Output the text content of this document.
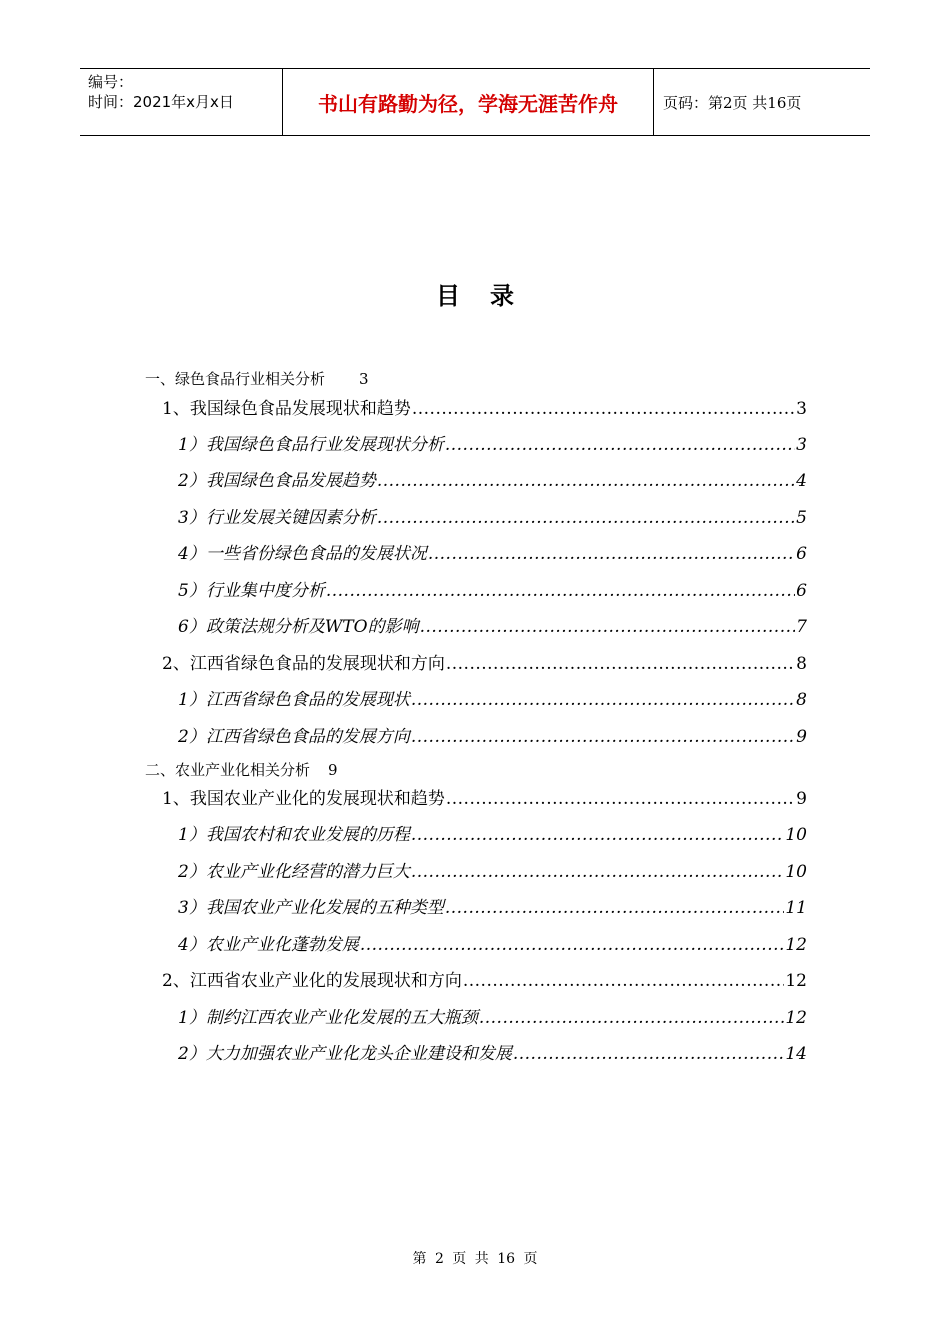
编号：
时间：2021年x月x日	书山有路勤为径，学海无涯苦作舟	页码：第2页 共16页
目录
一、绿色食品行业相关分析 3
1、我国绿色食品发展现状和趋势 .....	3
1）我国绿色食品行业发展现状分析 .....	3
2）我国绿色食品发展趋势 .....	4
3）行业发展关键因素分析 .....	5
4）一些省份绿色食品的发展状况 .....	6
5）行业集中度分析 .....	6
6）政策法规分析及WTO的影响 .....	7
2、江西省绿色食品的发展现状和方向 .....	8
1）江西省绿色食品的发展现状 .....	8
2）江西省绿色食品的发展方向 .....	9
二、农业产业化相关分析 9
1、我国农业产业化的发展现状和趋势 .....	9
1）我国农村和农业发展的历程 .....	10
2）农业产业化经营的潜力巨大 .....	10
3）我国农业产业化发展的五种类型 .....	11
4）农业产业化蓬勃发展 .....	12
2、江西省农业产业化的发展现状和方向 .....	12
1）制约江西农业产业化发展的五大瓶颈 .....	12
2）大力加强农业产业化龙头企业建设和发展 .....	14
第 2 页 共 16 页
